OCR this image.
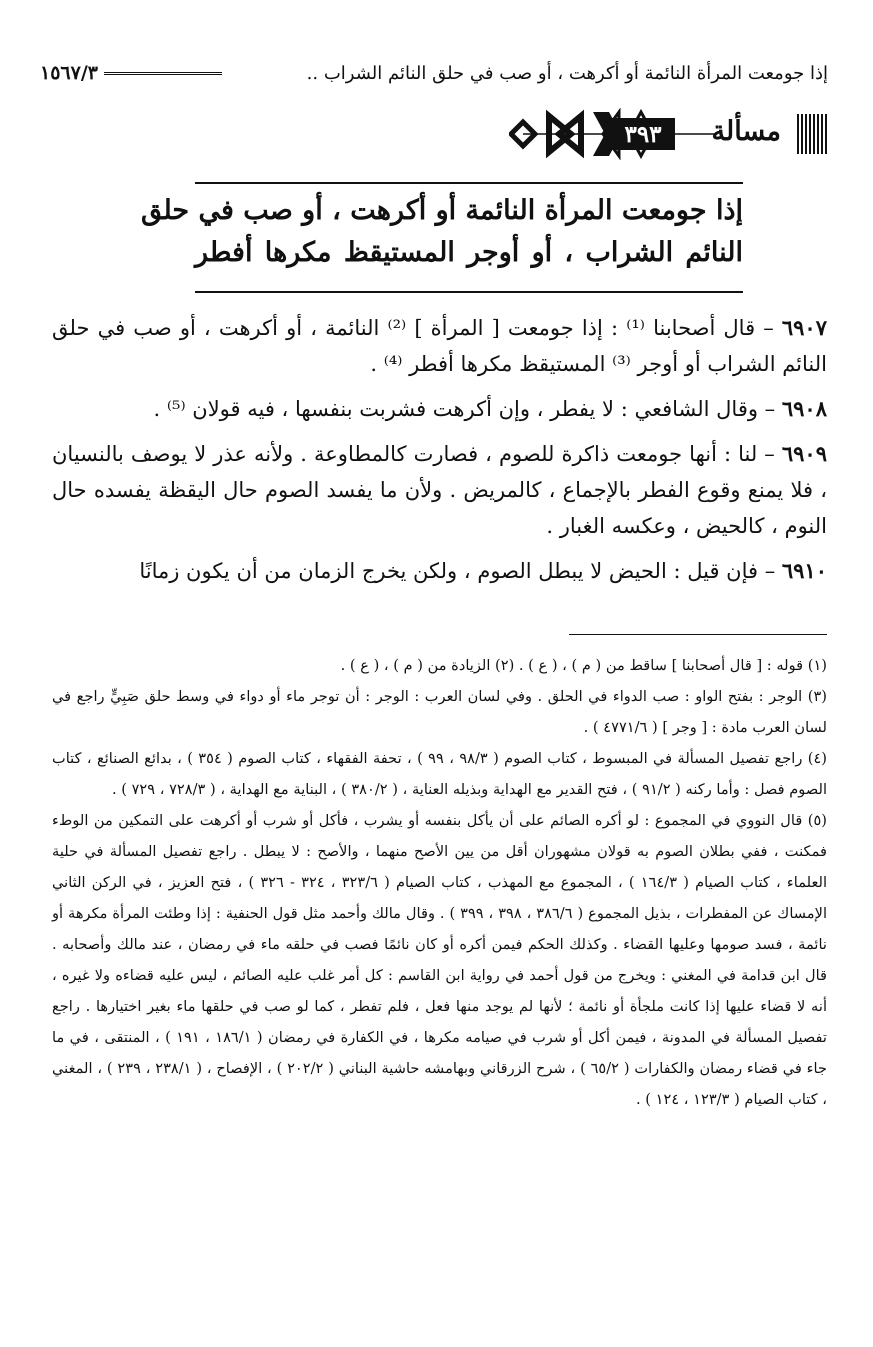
إذا جومعت المرأة النائمة أو أكرهت ، أو صب في حلق النائم الشراب ..
١٥٦٧/٣
مسألة
٣٩٣
إذا جومعت المرأة النائمة أو أكرهت ، أو صب في حلق
النائم الشراب ، أو أوجر المستيقظ مكرها أفطر

٦٩٠٧ – قال أصحابنا ⁽¹⁾ : إذا جومعت [ المرأة ] ⁽²⁾ النائمة ، أو أكرهت ، أو صب في حلق النائم الشراب أو أوجر ⁽³⁾ المستيقظ مكرها أفطر ⁽⁴⁾ .

٦٩٠٨ – وقال الشافعي : لا يفطر ، وإن أكرهت فشربت بنفسها ، فيه قولان ⁽⁵⁾ .

٦٩٠٩ – لنا : أنها جومعت ذاكرة للصوم ، فصارت كالمطاوعة . ولأنه عذر لا يوصف بالنسيان ، فلا يمنع وقوع الفطر بالإجماع ، كالمريض . ولأن ما يفسد الصوم حال اليقظة يفسده حال النوم ، كالحيض ، وعكسه الغبار .

٦٩١٠ – فإن قيل : الحيض لا يبطل الصوم ، ولكن يخرج الزمان من أن يكون زمانًا

(١) قوله : [ قال أصحابنا ] ساقط من ( م ) ، ( ع ) . (٢) الزيادة من ( م ) ، ( ع ) .

(٣) الوجر : بفتح الواو : صب الدواء في الحلق . وفي لسان العرب : الوجر : أن توجر ماء أو دواء في وسط حلق صَبِيٍّ راجع في لسان العرب مادة : [ وجر ] ( ٤٧٧١/٦ ) .

(٤) راجع تفصيل المسألة في المبسوط ، كتاب الصوم ( ٩٨/٣ ، ٩٩ ) ، تحفة الفقهاء ، كتاب الصوم ( ٣٥٤ ) ، بدائع الصنائع ، كتاب الصوم فصل : وأما ركنه ( ٩١/٢ ) ، فتح القدير مع الهداية وبذيله العناية ، ( ٣٨٠/٢ ) ، البناية مع الهداية ، ( ٧٢٨/٣ ، ٧٢٩ ) .

(٥) قال النووي في المجموع : لو أكره الصائم على أن يأكل بنفسه أو يشرب ، فأكل أو شرب أو أكرهت على التمكين من الوطء فمكنت ، ففي بطلان الصوم به قولان مشهوران أقل من يين الأصح منهما ، والأصح : لا يبطل . راجع تفصيل المسألة في حلية العلماء ، كتاب الصيام ( ١٦٤/٣ ) ، المجموع مع المهذب ، كتاب الصيام ( ٣٢٣/٦ ، ٣٢٤ - ٣٢٦ ) ، فتح العزيز ، في الركن الثاني الإمساك عن المفطرات ، بذيل المجموع ( ٣٨٦/٦ ، ٣٩٨ ، ٣٩٩ ) . وقال مالك وأحمد مثل قول الحنفية : إذا وطئت المرأة مكرهة أو نائمة ، فسد صومها وعليها القضاء . وكذلك الحكم فيمن أكره أو كان نائمًا فصب في حلقه ماء في رمضان ، عند مالك وأصحابه . قال ابن قدامة في المغني : ويخرج من قول أحمد في رواية ابن القاسم : كل أمر غلب عليه الصائم ، ليس عليه قضاءه ولا غيره ، أنه لا قضاء عليها إذا كانت ملجأة أو نائمة ؛ لأنها لم يوجد منها فعل ، فلم تفطر ، كما لو صب في حلقها ماء بغير اختيارها . راجع تفصيل المسألة في المدونة ، فيمن أكل أو شرب في صيامه مكرها ، في الكفارة في رمضان ( ١٨٦/١ ، ١٩١ ) ، المنتقى ، في ما جاء في قضاء رمضان والكفارات ( ٦٥/٢ ) ، شرح الزرقاني وبهامشه حاشية البناني ( ٢٠٢/٢ ) ، الإفصاح ، ( ٢٣٨/١ ، ٢٣٩ ) ، المغني ، كتاب الصيام ( ١٢٣/٣ ، ١٢٤ ) .
